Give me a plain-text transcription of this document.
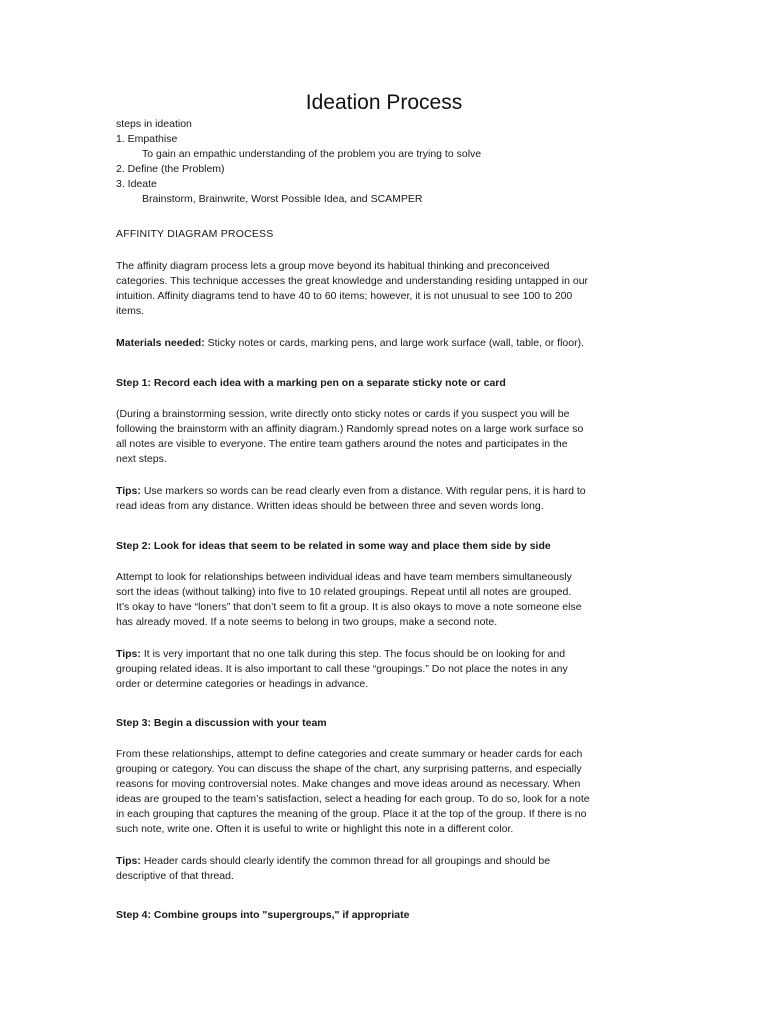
Ideation Process
steps in ideation
1. Empathise
To gain an empathic understanding of the problem you are trying to solve
2. Define (the Problem)
3. Ideate
Brainstorm, Brainwrite, Worst Possible Idea, and SCAMPER
AFFINITY DIAGRAM PROCESS
The affinity diagram process lets a group move beyond its habitual thinking and preconceived
categories. This technique accesses the great knowledge and understanding residing untapped in our
intuition. Affinity diagrams tend to have 40 to 60 items; however, it is not unusual to see 100 to 200
items.
Materials needed: Sticky notes or cards, marking pens, and large work surface (wall, table, or floor).
Step 1: Record each idea with a marking pen on a separate sticky note or card
(During a brainstorming session, write directly onto sticky notes or cards if you suspect you will be
following the brainstorm with an affinity diagram.) Randomly spread notes on a large work surface so
all notes are visible to everyone. The entire team gathers around the notes and participates in the
next steps.
Tips: Use markers so words can be read clearly even from a distance. With regular pens, it is hard to
read ideas from any distance. Written ideas should be between three and seven words long.
Step 2: Look for ideas that seem to be related in some way and place them side by side
Attempt to look for relationships between individual ideas and have team members simultaneously
sort the ideas (without talking) into five to 10 related groupings. Repeat until all notes are grouped.
It’s okay to have “loners” that don’t seem to fit a group. It is also okays to move a note someone else
has already moved. If a note seems to belong in two groups, make a second note.
Tips: It is very important that no one talk during this step. The focus should be on looking for and
grouping related ideas. It is also important to call these “groupings.” Do not place the notes in any
order or determine categories or headings in advance.
Step 3: Begin a discussion with your team
From these relationships, attempt to define categories and create summary or header cards for each
grouping or category. You can discuss the shape of the chart, any surprising patterns, and especially
reasons for moving controversial notes. Make changes and move ideas around as necessary. When
ideas are grouped to the team’s satisfaction, select a heading for each group. To do so, look for a note
in each grouping that captures the meaning of the group. Place it at the top of the group. If there is no
such note, write one. Often it is useful to write or highlight this note in a different color.
Tips: Header cards should clearly identify the common thread for all groupings and should be
descriptive of that thread.
Step 4: Combine groups into "supergroups," if appropriate
